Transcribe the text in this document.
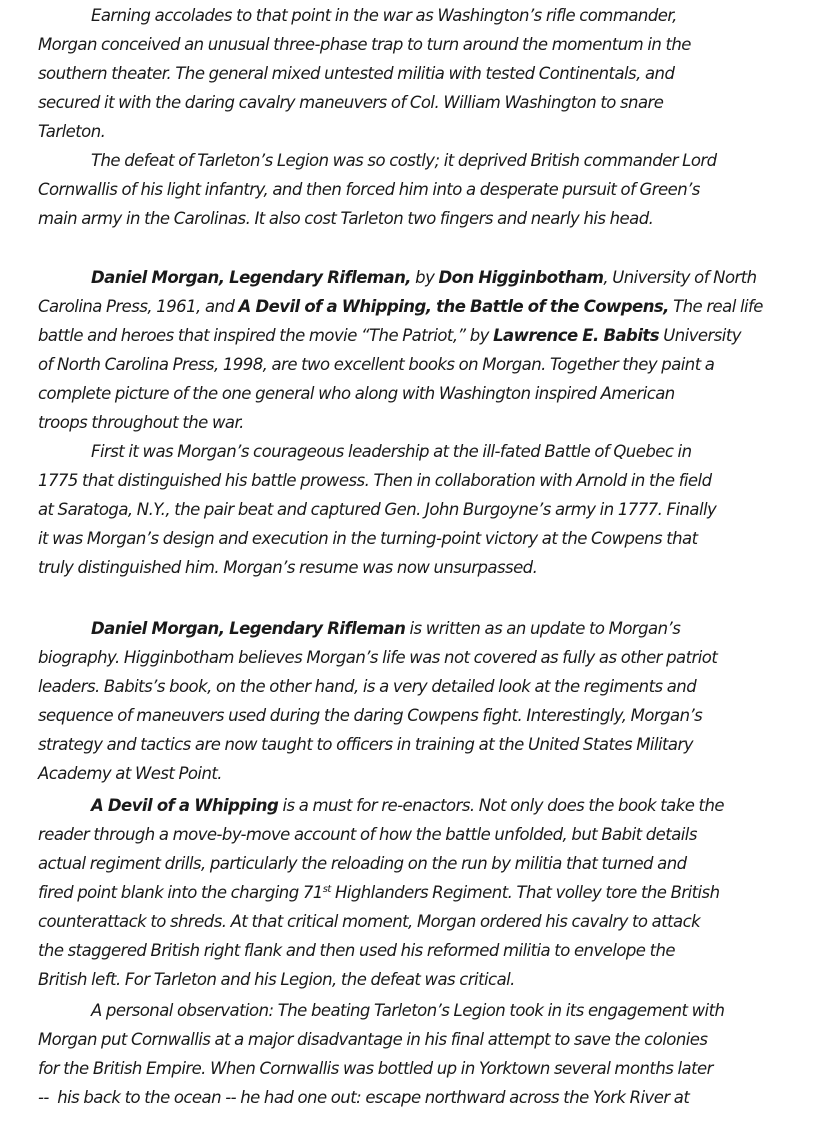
Earning accolades to that point in the war as Washington’s rifle commander,
Morgan conceived an unusual three-phase trap to turn around the momentum in the
southern theater. The general mixed untested militia with tested Continentals, and
secured it with the daring cavalry maneuvers of Col. William Washington to snare
Tarleton.
The defeat of Tarleton’s Legion was so costly; it deprived British commander Lord
Cornwallis of his light infantry, and then forced him into a desperate pursuit of Green’s
main army in the Carolinas. It also cost Tarleton two fingers and nearly his head.
Daniel Morgan, Legendary Rifleman, by Don Higginbotham, University of North
Carolina Press, 1961, and A Devil of a Whipping, the Battle of the Cowpens, The real life
battle and heroes that inspired the movie “The Patriot,” by Lawrence E. Babits University
of North Carolina Press, 1998, are two excellent books on Morgan. Together they paint a
complete picture of the one general who along with Washington inspired American
troops throughout the war.
First it was Morgan’s courageous leadership at the ill-fated Battle of Quebec in
1775 that distinguished his battle prowess. Then in collaboration with Arnold in the field
at Saratoga, N.Y., the pair beat and captured Gen. John Burgoyne’s army in 1777. Finally
it was Morgan’s design and execution in the turning-point victory at the Cowpens that
truly distinguished him. Morgan’s resume was now unsurpassed.
Daniel Morgan, Legendary Rifleman is written as an update to Morgan’s
biography. Higginbotham believes Morgan’s life was not covered as fully as other patriot
leaders. Babits’s book, on the other hand, is a very detailed look at the regiments and
sequence of maneuvers used during the daring Cowpens fight. Interestingly, Morgan’s
strategy and tactics are now taught to officers in training at the United States Military
Academy at West Point.
A Devil of a Whipping is a must for re-enactors. Not only does the book take the
reader through a move-by-move account of how the battle unfolded, but Babit details
actual regiment drills, particularly the reloading on the run by militia that turned and
fired point blank into the charging 71st Highlanders Regiment. That volley tore the British
counterattack to shreds. At that critical moment, Morgan ordered his cavalry to attack
the staggered British right flank and then used his reformed militia to envelope the
British left. For Tarleton and his Legion, the defeat was critical.
A personal observation: The beating Tarleton’s Legion took in its engagement with
Morgan put Cornwallis at a major disadvantage in his final attempt to save the colonies
for the British Empire. When Cornwallis was bottled up in Yorktown several months later
--  his back to the ocean -- he had one out: escape northward across the York River at
